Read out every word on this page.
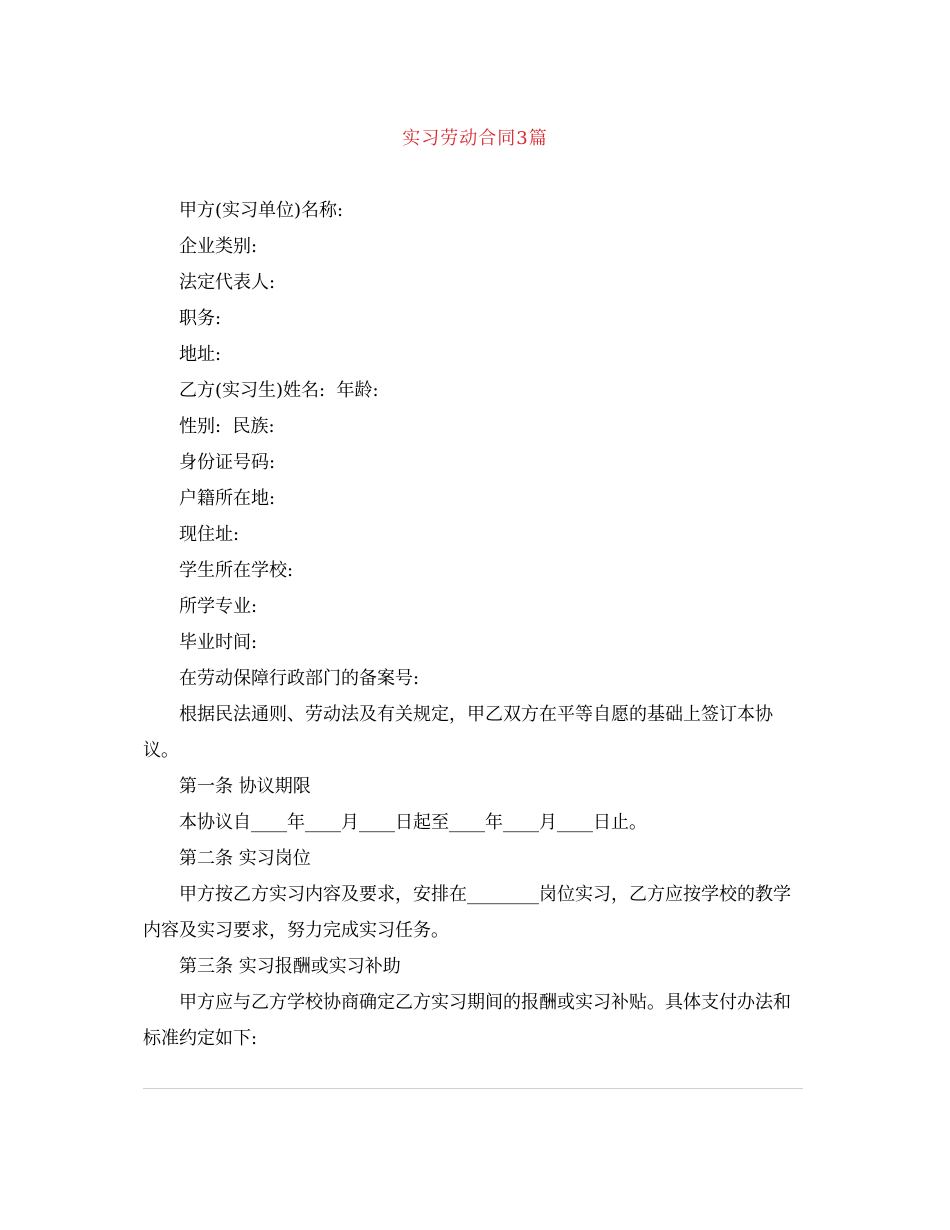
实习劳动合同3篇

甲方(实习单位)名称:

企业类别:

法定代表人:

职务:

地址:

乙方(实习生)姓名:  年龄:

性别:  民族:

身份证号码:

户籍所在地:

现住址:

学生所在学校:

所学专业:

毕业时间:

在劳动保障行政部门的备案号:

根据民法通则、劳动法及有关规定，甲乙双方在平等自愿的基础上签订本协议。

第一条 协议期限

本协议自____年____月____日起至____年____月____日止。

第二条 实习岗位

甲方按乙方实习内容及要求，安排在________岗位实习，乙方应按学校的教学内容及实习要求，努力完成实习任务。

第三条 实习报酬或实习补助

甲方应与乙方学校协商确定乙方实习期间的报酬或实习补贴。具体支付办法和标准约定如下:
